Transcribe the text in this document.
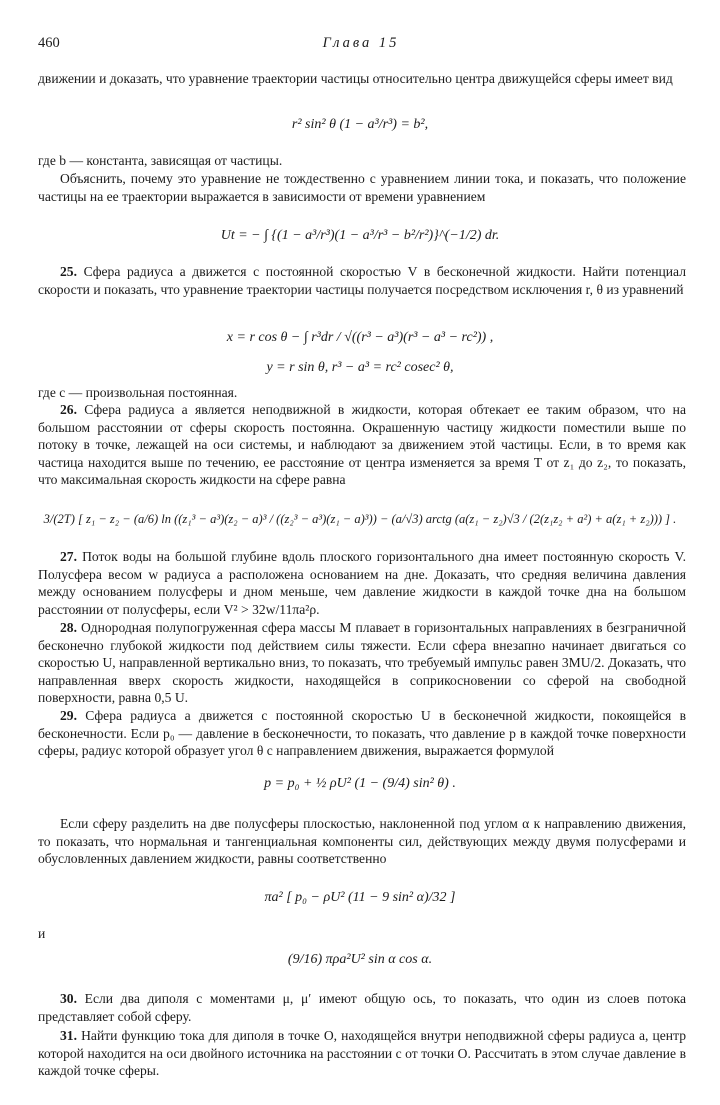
460	Глава 15
движении и доказать, что уравнение траектории частицы относительно центра движущейся сферы имеет вид
r² sin² θ (1 − a³/r³) = b²,
где b — константа, зависящая от частицы.
Объяснить, почему это уравнение не тождественно с уравнением линии тока, и показать, что положение частицы на ее траектории выражается в зависимости от времени уравнением
Ut = − ∫ {(1 − a³/r³)(1 − a³/r³ − b²/r²)}^(−1/2) dr.
25. Сфера радиуса a движется с постоянной скоростью V в бесконечной жидкости. Найти потенциал скорости и показать, что уравнение траектории частицы получается посредством исключения r, θ из уравнений
x = r cos θ − ∫ r³dr / √((r³ − a³)(r³ − a³ − rc²)) ,
y = r sin θ, r³ − a³ = rc² cosec² θ,
где c — произвольная постоянная.
26. Сфера радиуса a является неподвижной в жидкости, которая обтекает ее таким образом, что на большом расстоянии от сферы скорость постоянна. Окрашенную частицу жидкости поместили выше по потоку в точке, лежащей на оси системы, и наблюдают за движением этой частицы. Если, в то время как частица находится выше по течению, ее расстояние от центра изменяется за время T от z₁ до z₂, то показать, что максимальная скорость жидкости на сфере равна
3/(2T) [ z₁ − z₂ − (a/6) ln ((z₁³ − a³)(z₂ − a)³ / ((z₂³ − a³)(z₁ − a)³)) − (a/√3) arctg (a(z₁ − z₂)√3 / (2(z₁z₂ + a²) + a(z₁ + z₂))) ] .
27. Поток воды на большой глубине вдоль плоского горизонтального дна имеет постоянную скорость V. Полусфера весом w радиуса a расположена основанием на дне. Доказать, что средняя величина давления между основанием полусферы и дном меньше, чем давление жидкости в каждой точке дна на большом расстоянии от полусферы, если V² > 32w/11πa²ρ.
28. Однородная полупогруженная сфера массы M плавает в горизонтальных направлениях в безграничной бесконечно глубокой жидкости под действием силы тяжести. Если сфера внезапно начинает двигаться со скоростью U, направленной вертикально вниз, то показать, что требуемый импульс равен 3MU/2. Доказать, что направленная вверх скорость жидкости, находящейся в соприкосновении со сферой на свободной поверхности, равна 0,5 U.
29. Сфера радиуса a движется с постоянной скоростью U в бесконечной жидкости, покоящейся в бесконечности. Если p₀ — давление в бесконечности, то показать, что давление p в каждой точке поверхности сферы, радиус которой образует угол θ с направлением движения, выражается формулой
p = p₀ + ½ ρU² (1 − (9/4) sin² θ) .
Если сферу разделить на две полусферы плоскостью, наклоненной под углом α к направлению движения, то показать, что нормальная и тангенциальная компоненты сил, действующих между двумя полусферами и обусловленных давлением жидкости, равны соответственно
πa² [ p₀ − ρU² (11 − 9 sin² α)/32 ]
и
(9/16) πρa²U² sin α cos α.
30. Если два диполя с моментами μ, μ′ имеют общую ось, то показать, что один из слоев потока представляет собой сферу.
31. Найти функцию тока для диполя в точке O, находящейся внутри неподвижной сферы радиуса a, центр которой находится на оси двойного источника на расстоянии c от точки O. Рассчитать в этом случае давление в каждой точке сферы.
